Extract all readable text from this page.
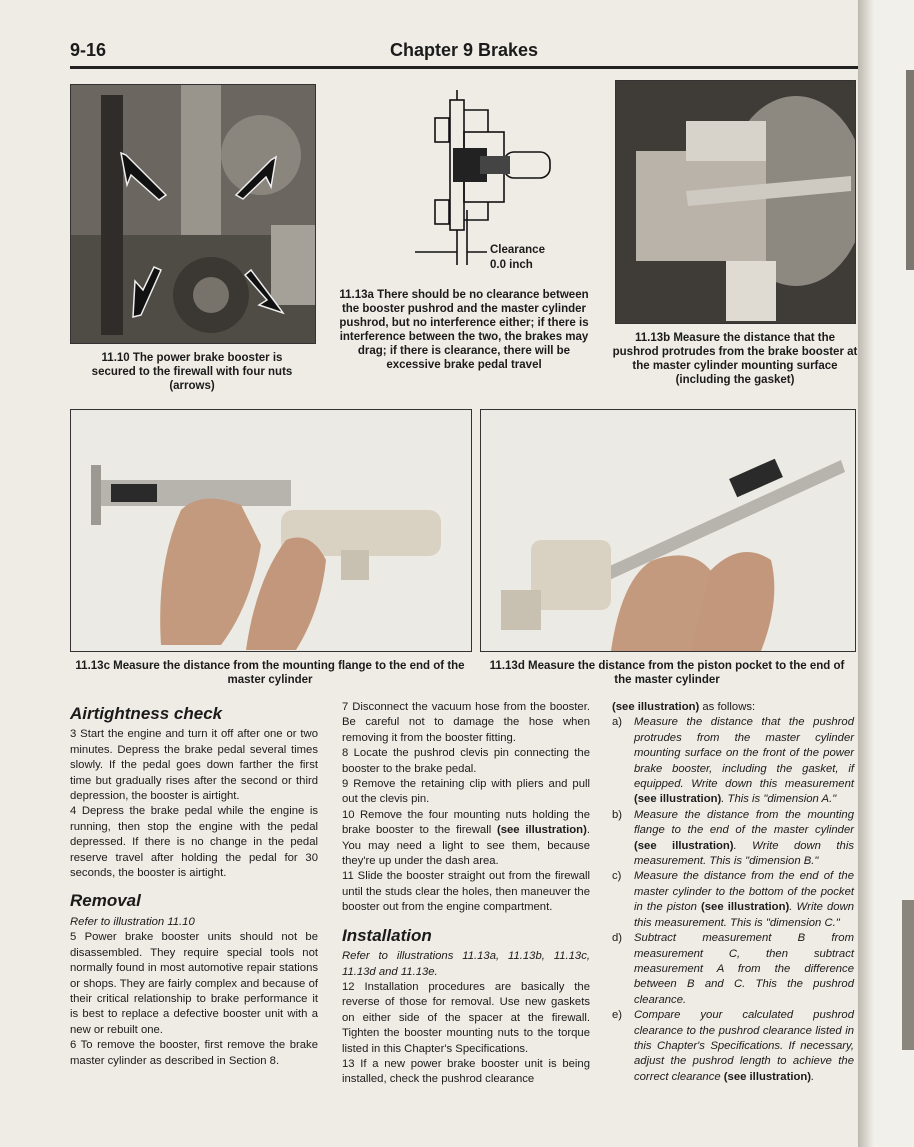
9-16	Chapter 9 Brakes
11.10 The power brake booster is secured to the firewall with four nuts (arrows)
Clearance
0.0 inch
11.13a There should be no clearance between the booster pushrod and the master cylinder pushrod, but no interference either; if there is interference between the two, the brakes may drag; if there is clearance, there will be excessive brake pedal travel
11.13b Measure the distance that the pushrod protrudes from the brake booster at the master cylinder mounting surface (including the gasket)
11.13c Measure the distance from the mounting flange to the end of the master cylinder
11.13d Measure the distance from the piston pocket to the end of the master cylinder
Airtightness check

3 Start the engine and turn it off after one or two minutes. Depress the brake pedal several times slowly. If the pedal goes down farther the first time but gradually rises after the second or third depression, the booster is airtight.

4 Depress the brake pedal while the engine is running, then stop the engine with the pedal depressed. If there is no change in the pedal reserve travel after holding the pedal for 30 seconds, the booster is airtight.

Removal

Refer to illustration 11.10

5 Power brake booster units should not be disassembled. They require special tools not normally found in most automotive repair stations or shops. They are fairly complex and because of their critical relationship to brake performance it is best to replace a defective booster unit with a new or rebuilt one.

6 To remove the booster, first remove the brake master cylinder as described in Section 8.

7 Disconnect the vacuum hose from the booster. Be careful not to damage the hose when removing it from the booster fitting.

8 Locate the pushrod clevis pin connecting the booster to the brake pedal.

9 Remove the retaining clip with pliers and pull out the clevis pin.

10 Remove the four mounting nuts holding the brake booster to the firewall (see illustration). You may need a light to see them, because they're up under the dash area.

11 Slide the booster straight out from the firewall until the studs clear the holes, then maneuver the booster out from the engine compartment.

Installation

Refer to illustrations 11.13a, 11.13b, 11.13c, 11.13d and 11.13e.

12 Installation procedures are basically the reverse of those for removal. Use new gaskets on either side of the spacer at the firewall. Tighten the booster mounting nuts to the torque listed in this Chapter's Specifications.

13 If a new power brake booster unit is being installed, check the pushrod clearance

(see illustration) as follows:

a)	Measure the distance that the pushrod protrudes from the master cylinder mounting surface on the front of the power brake booster, including the gasket, if equipped. Write down this measurement (see illustration). This is "dimension A."
b)	Measure the distance from the mounting flange to the end of the master cylinder (see illustration). Write down this measurement. This is "dimension B."
c)	Measure the distance from the end of the master cylinder to the bottom of the pocket in the piston (see illustration). Write down this measurement. This is "dimension C."
d)	Subtract measurement B from measurement C, then subtract measurement A from the difference between B and C. This the pushrod clearance.
e)	Compare your calculated pushrod clearance to the pushrod clearance listed in this Chapter's Specifications. If necessary, adjust the pushrod length to achieve the correct clearance (see illustration).
